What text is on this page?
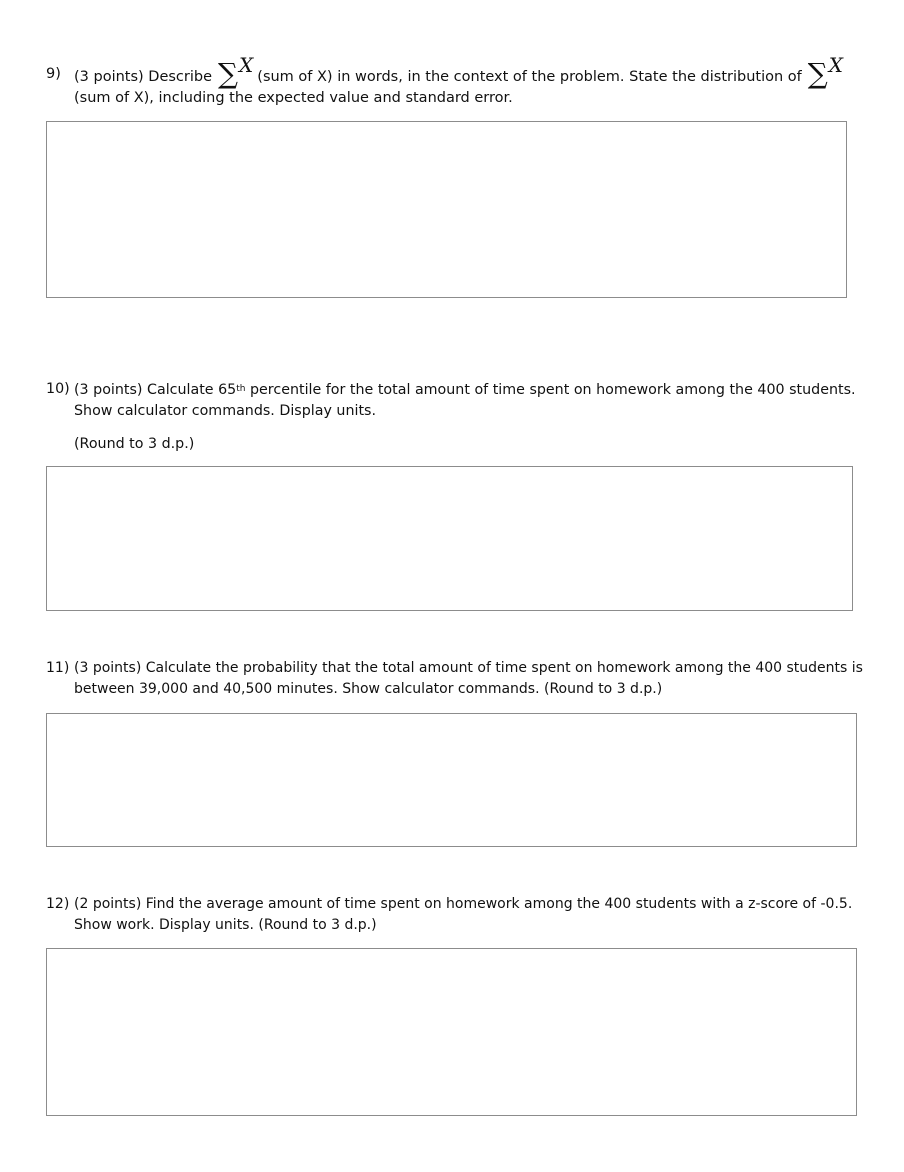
9) (3 points) Describe ∑X (sum of X) in words, in the context of the problem. State the distribution of ∑X
(sum of X), including the expected value and standard error.
10) (3 points) Calculate 65th percentile for the total amount of time spent on homework among the 400 students.
Show calculator commands. Display units.
(Round to 3 d.p.)
11) (3 points) Calculate the probability that the total amount of time spent on homework among the 400 students is
between 39,000 and 40,500 minutes. Show calculator commands. (Round to 3 d.p.)
12) (2 points) Find the average amount of time spent on homework among the 400 students with a z-score of -0.5.
Show work. Display units. (Round to 3 d.p.)
